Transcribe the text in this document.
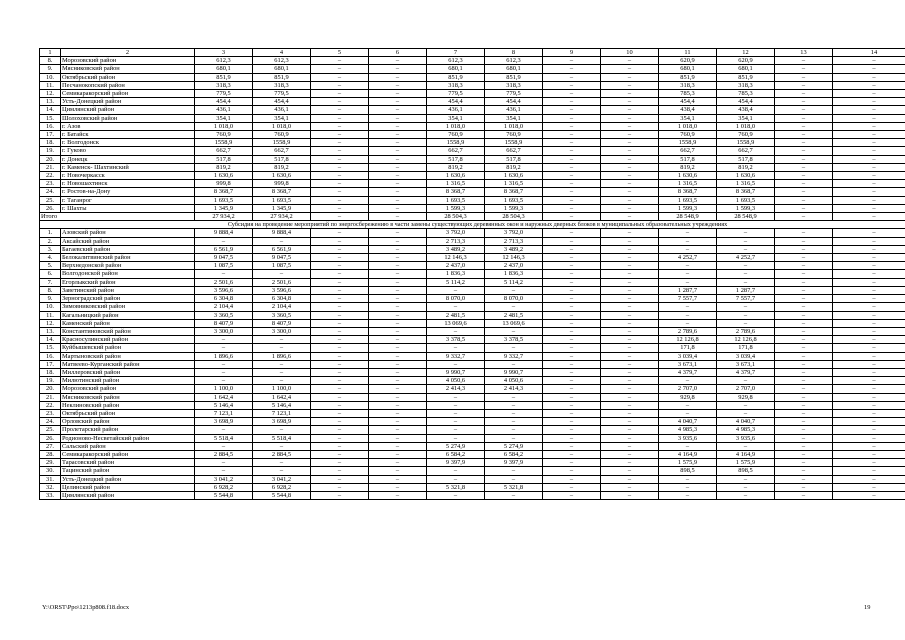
1	2	3	4	5	6	7	8	9	10	11	12	13	14
8.	Морозовский район	612,3	612,3	–	–	612,3	612,3	–	–	620,9	620,9	–	–
9.	Мясниковский район	680,1	680,1	–	–	680,1	680,1	–	–	680,1	680,1	–	–
10.	Октябрьский район	851,9	851,9	–	–	851,9	851,9	–	–	851,9	851,9	–	–
11.	Песчанокопский район	318,3	318,3	–	–	318,3	318,3	–	–	318,3	318,3	–	–
12.	Семикаракорский район	779,5	779,5	–	–	779,5	779,5	–	–	785,3	785,3	–	–
13.	Усть-Донецкий район	454,4	454,4	–	–	454,4	454,4	–	–	454,4	454,4	–	–
14.	Цимлянский район	436,1	436,1	–	–	436,1	436,1	–	–	438,4	438,4	–	–
15.	Шолоховский район	354,1	354,1	–	–	354,1	354,1	–	–	354,1	354,1	–	–
16.	г. Азов	1 018,0	1 018,0	–	–	1 018,0	1 018,0	–	–	1 018,0	1 018,0	–	–
17.	г. Батайск	760,9	760,9	–	–	760,9	760,9	–	–	760,9	760,9	–	–
18.	г. Волгодонск	1558,9	1558,9	–	–	1558,9	1558,9	–	–	1558,9	1558,9	–	–
19.	г. Гуково	662,7	662,7	–	–	662,7	662,7	–	–	662,7	662,7	–	–
20.	г. Донецк	517,8	517,8	–	–	517,8	517,8	–	–	517,8	517,8	–	–
21.	г. Каменск- Шахтинский	819,2	819,2	–	–	819,2	819,2	–	–	819,2	819,2	–	–
22.	г. Новочеркасск	1 630,6	1 630,6	–	–	1 630,6	1 630,6	–	–	1 630,6	1 630,6	–	–
23.	г. Новошахтинск	999,8	999,8	–	–	1 316,5	1 316,5	–	–	1 316,5	1 316,5	–	–
24.	г. Ростов-на-Дону	8 368,7	8 368,7	–	–	8 368,7	8 368,7	–	–	8 368,7	8 368,7	–	–
25.	г. Таганрог	1 693,5	1 693,5	–	–	1 693,5	1 693,5	–	–	1 693,5	1 693,5	–	–
26.	г. Шахты	1 345,9	1 345,9	–	–	1 599,3	1 599,3	–	–	1 599,3	1 599,3	–	–
Итого		27 934,2	27 934,2	–	–	28 504,3	28 504,3	–	–	28 548,9	28 548,9	–	–
Субсидия на проведение мероприятий по энергосбережению в части замены существующих деревянных окон и наружных дверных блоков в муниципальных образовательных учреждениях													
1.	Азовский район	9 888,4	9 888,4	–	–	3 792,0	3 792,0	–	–	–	–	–	–
2.	Аксайский район	–	–	–	–	2 713,3	2 713,3	–	–	–	–	–	–
3.	Багаевский район	6 561,9	6 561,9	–	–	3 489,2	3 489,2	–	–	–	–	–	–
4.	Белокалитвинский район	9 047,5	9 047,5	–	–	12 146,3	12 146,3	–	–	4 252,7	4 252,7	–	–
5.	Верхнедонской район	1 087,5	1 087,5	–	–	2 437,0	2 437,0	–	–	–	–	–	–
6.	Волгодонской район	–	–	–	–	1 836,3	1 836,3	–	–	–	–	–	–
7.	Егорлыкский район	2 501,6	2 501,6	–	–	5 114,2	5 114,2	–	–	–	–	–	–
8.	Заветинский район	3 596,6	3 596,6	–	–	–	–	–	–	1 287,7	1 287,7	–	–
9.	Зерноградский район	6 304,8	6 304,8	–	–	8 070,0	8 070,0	–	–	7 557,7	7 557,7	–	–
10.	Зимовниковский район	2 104,4	2 104,4	–	–	–	–	–	–	–	–	–	–
11.	Кагальницкий район	3 360,5	3 360,5	–	–	2 481,5	2 481,5	–	–	–	–	–	–
12.	Каменский район	8 407,9	8 407,9	–	–	13 069,6	13 069,6	–	–	–	–	–	–
13.	Константиновский район	3 300,0	3 300,0	–	–	–	–	–	–	2 789,6	2 789,6	–	–
14.	Красносулинский район	–	–	–	–	3 378,5	3 378,5	–	–	12 126,8	12 126,8	–	–
15.	Куйбышевский район	–	–	–	–	–	–	–	–	171,8	171,8	–	–
16.	Мартыновский район	1 896,6	1 896,6	–	–	9 332,7	9 332,7	–	–	3 039,4	3 039,4	–	–
17.	Матвеево-Курганский район	–	–	–	–	–	–	–	–	3 673,1	3 673,1	–	–
18.	Миллеровский район	–	–	–	–	9 990,7	9 990,7	–	–	4 379,7	4 379,7	–	–
19.	Милютинский район	–	–	–	–	4 050,6	4 050,6	–	–	–	–	–	–
20.	Морозовский район	1 100,0	1 100,0	–	–	2 414,3	2 414,3	–	–	2 707,0	2 707,0	–	–
21.	Мясниковский район	1 642,4	1 642,4	–	–	–	–	–	–	929,8	929,8	–	–
22.	Неклиновский район	5 146,4	5 146,4	–	–	–	–	–	–	–	–	–	–
23.	Октябрьский район	7 123,1	7 123,1	–	–	–	–	–	–	–	–	–	–
24.	Орловский район	3 698,9	3 698,9	–	–	–	–	–	–	4 040,7	4 040,7	–	–
25.	Пролетарский район	–	–	–	–	–	–	–	–	4 985,3	4 985,3	–	–
26.	Родионово-Несветайский район	5 518,4	5 518,4	–	–	–	–	–	–	3 935,6	3 935,6	–	–
27.	Сальский район	–	–	–	–	5 274,9	5 274,9	–	–	–	–	–	–
28.	Семикаракорский район	2 884,5	2 884,5	–	–	6 584,2	6 584,2	–	–	4 164,9	4 164,9	–	–
29.	Тарасовский район	–	–	–	–	9 397,9	9 397,9	–	–	1 575,9	1 575,9	–	–
30.	Тацинский район	–	–	–	–	–	–	–	–	898,5	898,5	–	–
31.	Усть-Донецкий район	3 041,2	3 041,2	–	–	–	–	–	–	–	–	–	–
32.	Целинский район	6 928,2	6 928,2	–	–	5 321,8	5 321,8	–	–	–	–	–	–
33.	Цимлянский район	5 544,8	5 544,8	–	–	–	–	–	–	–	–	–	–
Y:\ORST\Ppo\1213p808.f18.docx	19
